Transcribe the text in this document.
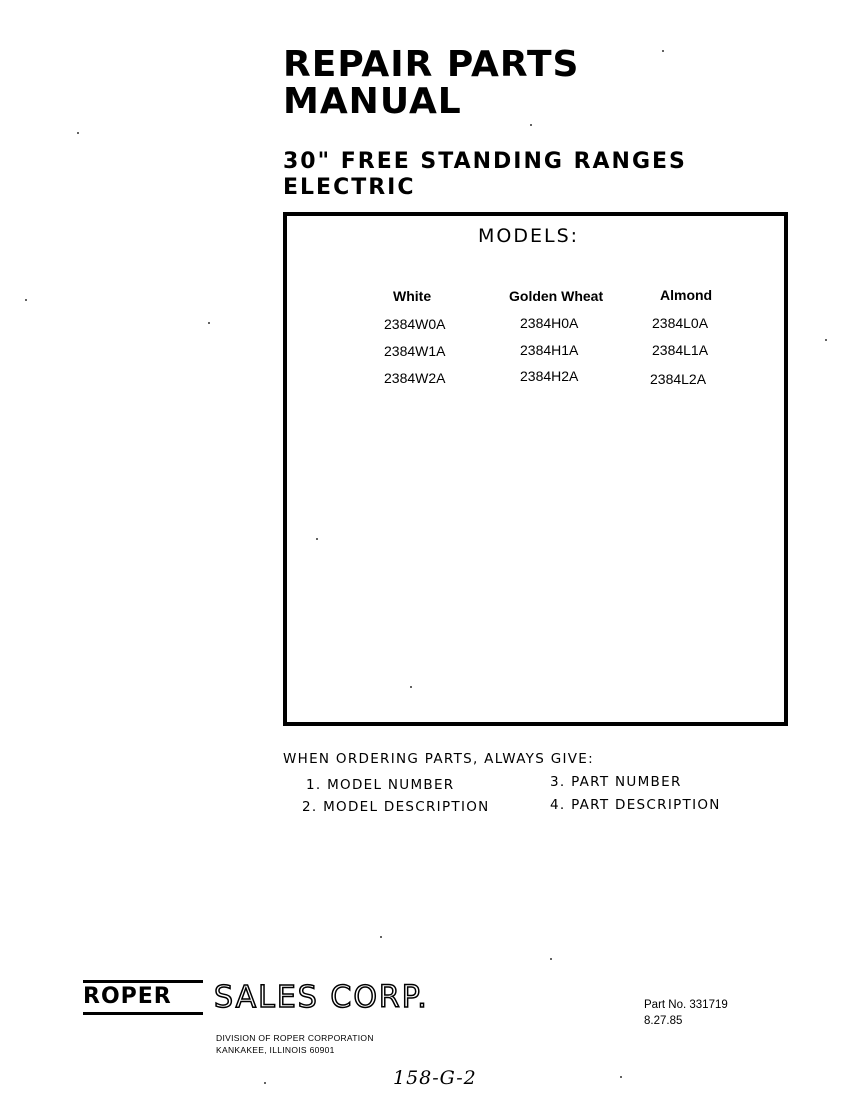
REPAIR PARTS
MANUAL
30" FREE STANDING RANGES
ELECTRIC
MODELS:
White
2384W0A
2384W1A
2384W2A
Golden Wheat
2384H0A
2384H1A
2384H2A
Almond
2384L0A
2384L1A
2384L2A
WHEN ORDERING PARTS, ALWAYS GIVE:
1. MODEL NUMBER
2. MODEL DESCRIPTION
3. PART NUMBER
4. PART DESCRIPTION
ROPER	SALES CORP.
DIVISION OF ROPER CORPORATION
KANKAKEE, ILLINOIS 60901
Part No. 331719
8.27.85
158-G-2
